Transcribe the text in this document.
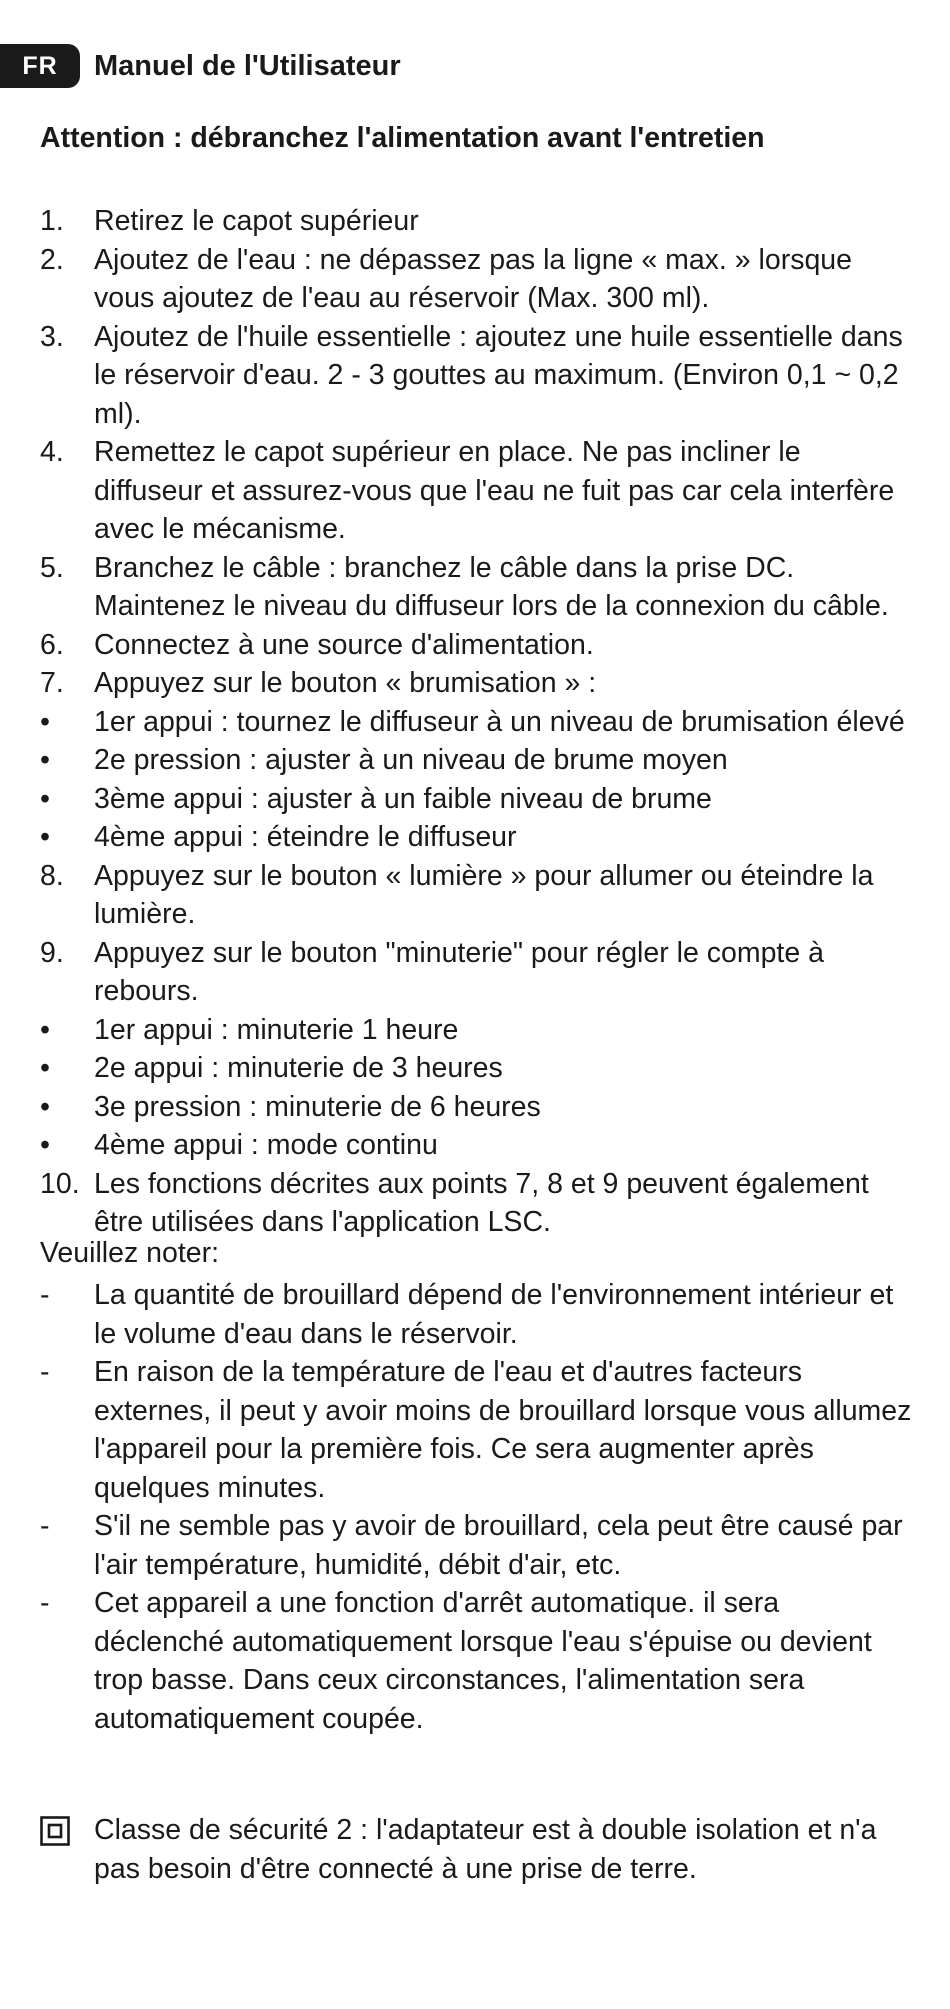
FR	Manuel de l'Utilisateur
Attention : débranchez l'alimentation avant l'entretien
1. Retirez le capot supérieur
2. Ajoutez de l'eau : ne dépassez pas la ligne « max. » lorsque vous ajoutez de l'eau au réservoir (Max. 300 ml).
3. Ajoutez de l'huile essentielle : ajoutez une huile essentielle dans le réservoir d'eau. 2 - 3 gouttes au maximum. (Environ 0,1 ~ 0,2 ml).
4. Remettez le capot supérieur en place. Ne pas incliner le diffuseur et assurez-vous que l'eau ne fuit pas car cela interfère avec le mécanisme.
5. Branchez le câble : branchez le câble dans la prise DC. Maintenez le niveau du diffuseur lors de la connexion du câble.
6. Connectez à une source d'alimentation.
7. Appuyez sur le bouton « brumisation » :
• 1er appui : tournez le diffuseur à un niveau de brumisation élevé
• 2e pression : ajuster à un niveau de brume moyen
• 3ème appui : ajuster à un faible niveau de brume
• 4ème appui : éteindre le diffuseur
8. Appuyez sur le bouton « lumière » pour allumer ou éteindre la lumière.
9. Appuyez sur le bouton "minuterie" pour régler le compte à rebours.
• 1er appui : minuterie 1 heure
• 2e appui : minuterie de 3 heures
• 3e pression : minuterie de 6 heures
• 4ème appui : mode continu
10. Les fonctions décrites aux points 7, 8 et 9 peuvent également être utilisées dans l'application LSC.
Veuillez noter:
- La quantité de brouillard dépend de l'environnement intérieur et le volume d'eau dans le réservoir.
- En raison de la température de l'eau et d'autres facteurs externes, il peut y avoir moins de brouillard lorsque vous allumez l'appareil pour la première fois. Ce sera augmenter après quelques minutes.
- S'il ne semble pas y avoir de brouillard, cela peut être causé par l'air température, humidité, débit d'air, etc.
- Cet appareil a une fonction d'arrêt automatique. il sera déclenché automatiquement lorsque l'eau s'épuise ou devient trop basse. Dans ceux circonstances, l'alimentation sera automatiquement coupée.
Classe de sécurité 2 : l'adaptateur est à double isolation et n'a pas besoin d'être connecté à une prise de terre.
